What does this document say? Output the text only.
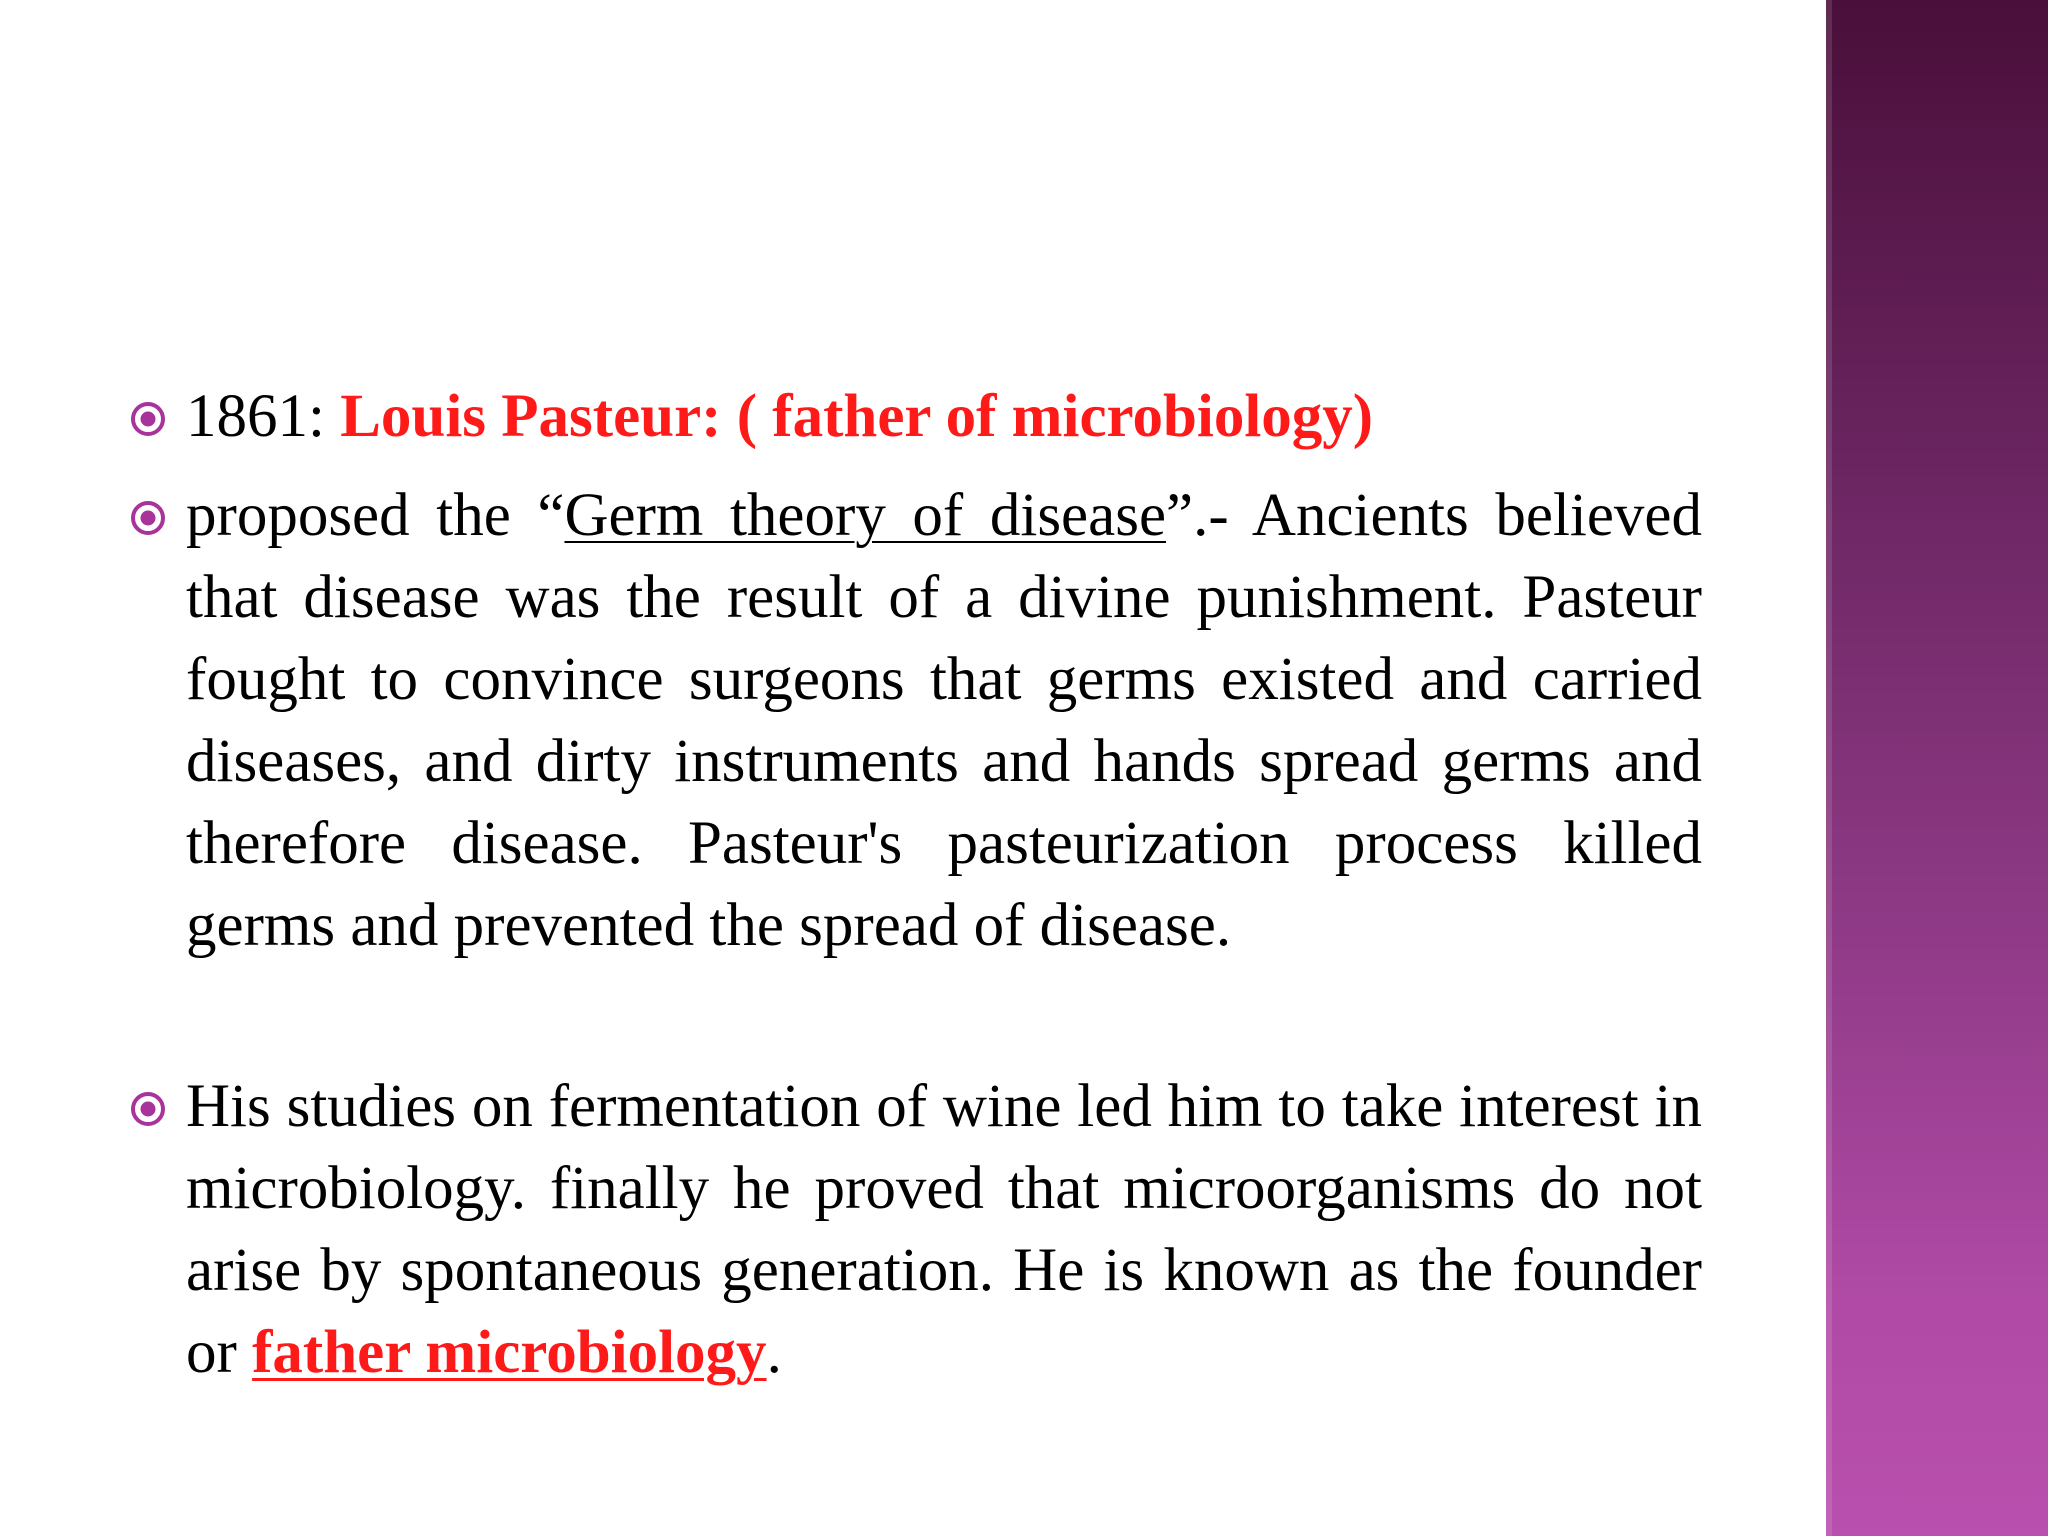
1861: Louis Pasteur: ( father of microbiology)
proposed the “Germ theory of disease”.- Ancients believed that disease was the result of a divine punishment. Pasteur fought to convince surgeons that germs existed and carried diseases, and dirty instruments and hands spread germs and therefore disease. Pasteur's pasteurization process killed germs and prevented the spread of disease.
His studies on fermentation of wine led him to take interest in microbiology. finally he proved that microorganisms do not arise by spontaneous generation. He is known as the founder or father microbiology.
